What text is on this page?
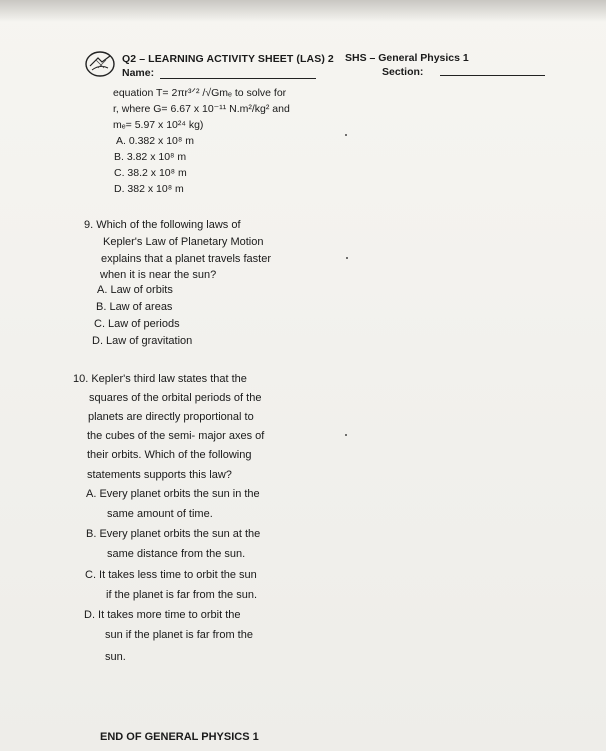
Q2 – LEARNING ACTIVITY SHEET (LAS) 2
Name:
SHS – General Physics 1
Section:
equation T= 2πr³ᐟ² /√Gmₑ to solve for
r, where G= 6.67 x 10⁻¹¹ N.m²/kg² and
mₑ= 5.97 x 10²⁴ kg)
A. 0.382 x 10⁸ m
B. 3.82 x 10⁸ m
C. 38.2 x 10⁸ m
D. 382 x 10⁸ m
9. Which of the following laws of
Kepler's Law of Planetary Motion
explains that a planet travels faster
when it is near the sun?
A. Law of orbits
B. Law of areas
C. Law of periods
D. Law of gravitation
10. Kepler's third law states that the
squares of the orbital periods of the
planets are directly proportional to
the cubes of the semi- major axes of
their orbits. Which of the following
statements supports this law?
A. Every planet orbits the sun in the
same amount of time.
B. Every planet orbits the sun at the
same distance from the sun.
C. It takes less time to orbit the sun
if the planet is far from the sun.
D. It takes more time to orbit the
sun if the planet is far from the
sun.
END OF GENERAL PHYSICS 1
